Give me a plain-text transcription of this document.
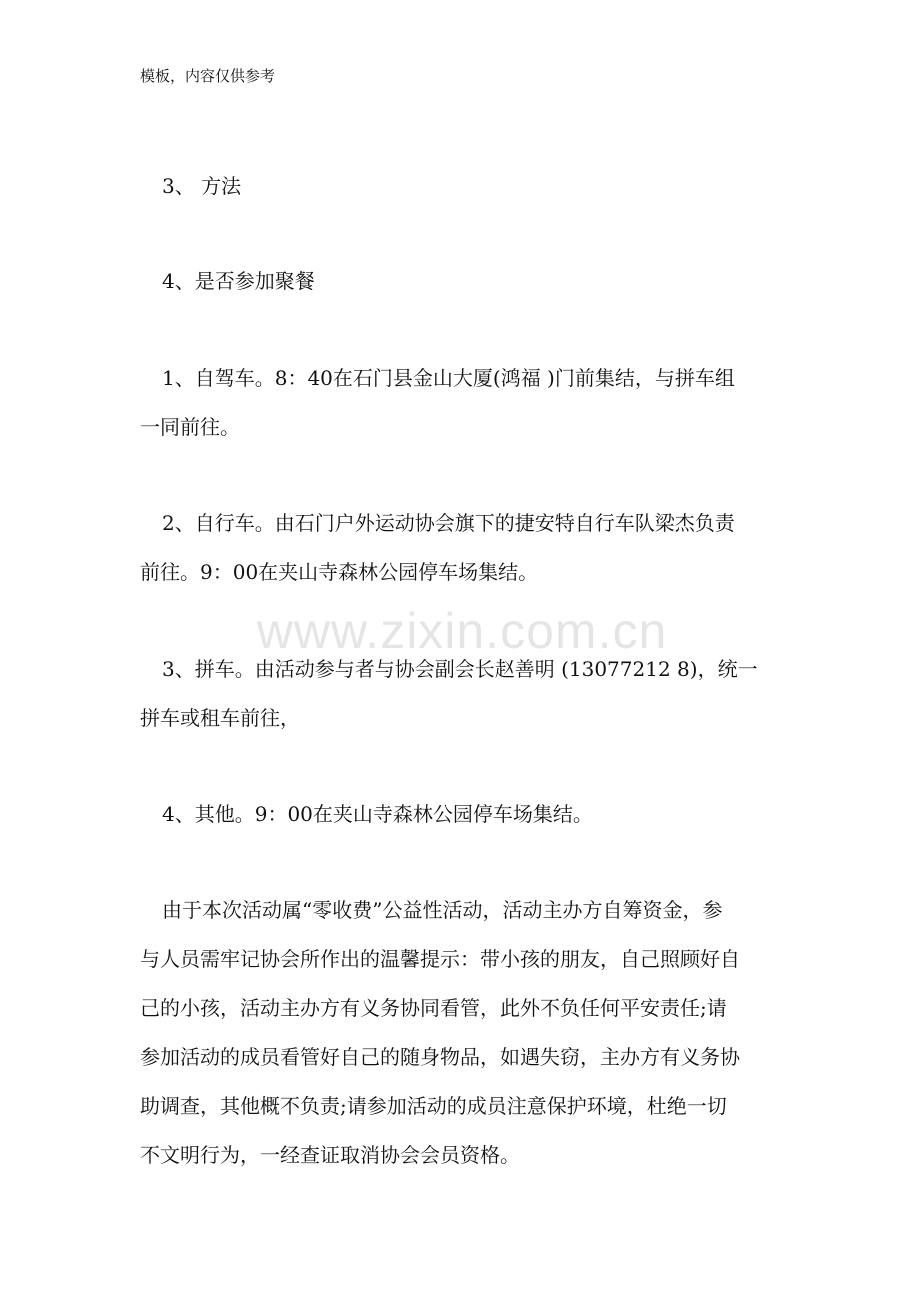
模板，内容仅供参考
3、 方法
4、是否参加聚餐
1、自驾车。8：40在石门县金山大厦(鸿福 )门前集结，与拼车组
一同前往。
2、自行车。由石门户外运动协会旗下的捷安特自行车队梁杰负责
前往。9：00在夹山寺森林公园停车场集结。
3、拼车。由活动参与者与协会副会长赵善明 (13077212 8)，统一
拼车或租车前往，
4、其他。9：00在夹山寺森林公园停车场集结。
由于本次活动属“零收费”公益性活动，活动主办方自筹资金，参
与人员需牢记协会所作出的温馨提示：带小孩的朋友，自己照顾好自
己的小孩，活动主办方有义务协同看管，此外不负任何平安责任;请
参加活动的成员看管好自己的随身物品，如遇失窃，主办方有义务协
助调查，其他概不负责;请参加活动的成员注意保护环境，杜绝一切
不文明行为，一经查证取消协会会员资格。
www.zixin.com.cn
